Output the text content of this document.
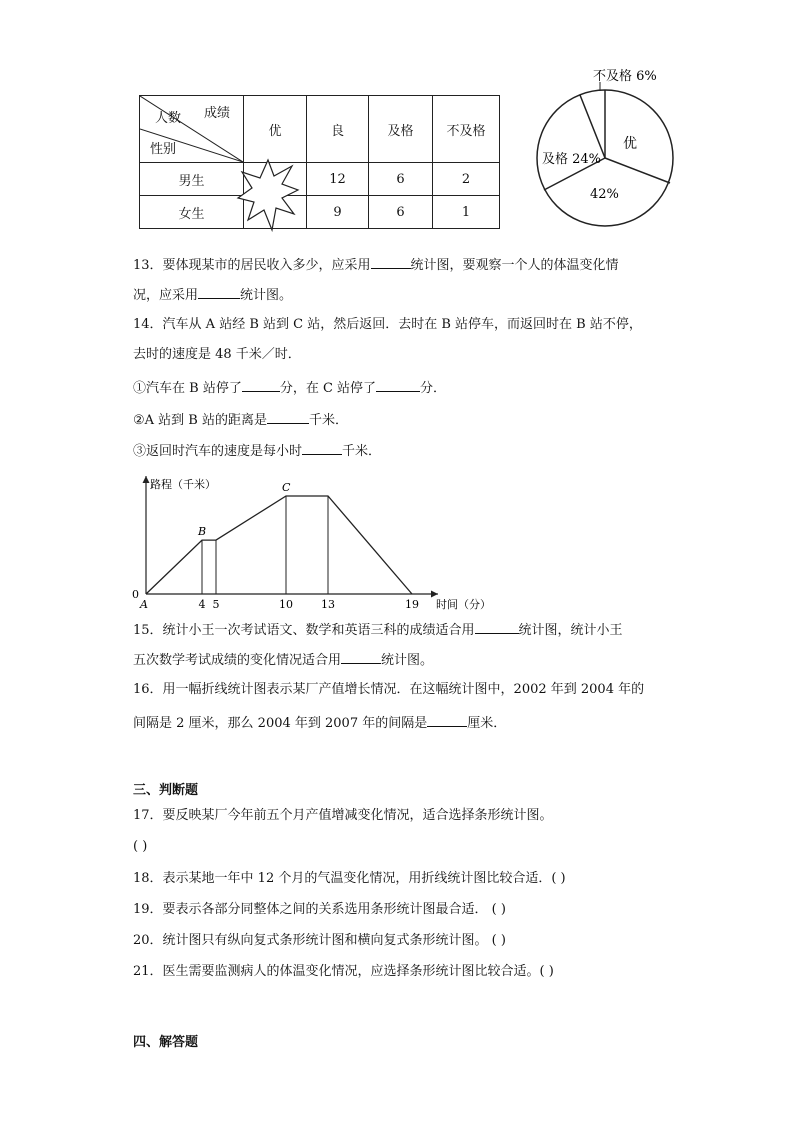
成绩
人数
性别	优	良	及格	不及格
男生		12	6	2
女生		9	6	1
不及格 6%
及格 24%
优
42%
13．要体现某市的居民收入多少，应采用	统计图，要观察一个人的体温变化情
况，应采用	统计图。
14．汽车从 A 站经 B 站到 C 站，然后返回．去时在 B 站停车，而返回时在 B 站不停，
去时的速度是 48 千米／时．
①汽车在 B 站停了	分，在 C 站停了	分．
②A 站到 B 站的距离是	千米．
③返回时汽车的速度是每小时	千米．
路程（千米）
时间（分）
0
A	4 5	10	13	19
B
C
15．统计小王一次考试语文、数学和英语三科的成绩适合用	统计图，统计小王
五次数学考试成绩的变化情况适合用	统计图。
16．用一幅折线统计图表示某厂产值增长情况．在这幅统计图中，2002 年到 2004 年的
间隔是 2 厘米，那么 2004 年到 2007 年的间隔是	厘米．
三、判断题
17．要反映某厂今年前五个月产值增减变化情况，适合选择条形统计图。
( )
18．表示某地一年中 12 个月的气温变化情况，用折线统计图比较合适．( )
19．要表示各部分同整体之间的关系选用条形统计图最合适． ( )
20．统计图只有纵向复式条形统计图和横向复式条形统计图。 ( )
21．医生需要监测病人的体温变化情况，应选择条形统计图比较合适。( )
四、解答题
